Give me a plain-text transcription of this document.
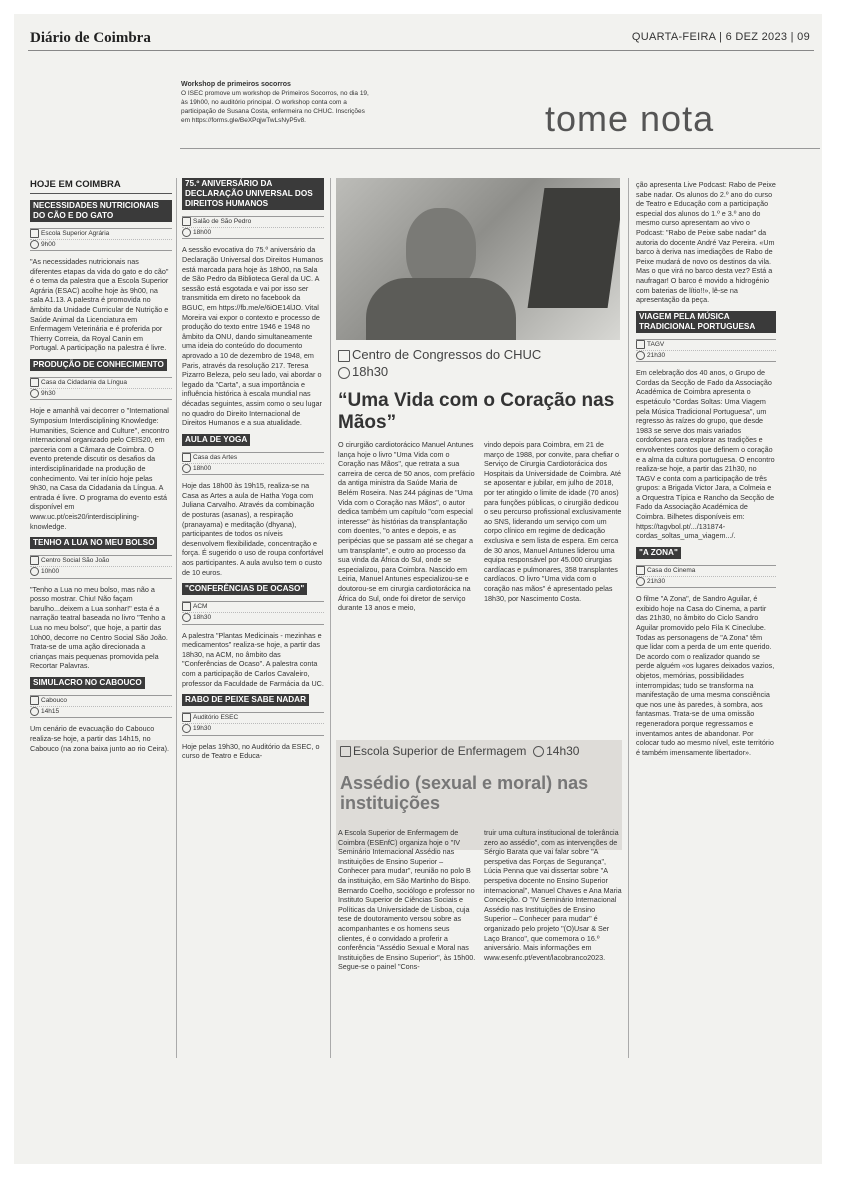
Diário de Coimbra	QUARTA-FEIRA | 6 DEZ 2023 | 09
Workshop de primeiros socorros
O ISEC promove um workshop de Primeiros Socorros, no dia 19, às 19h00, no auditório principal. O workshop conta com a participação de Susana Costa, enfermeira no CHUC. Inscrições em https://forms.gle/BeXPqjwTwLsNyP5v8.	tome nota
HOJE EM COIMBRA
NECESSIDADES NUTRICIONAIS DO CÃO E DO GATO
Escola Superior Agrária
9h00

"As necessidades nutricionais nas diferentes etapas da vida do gato e do cão" é o tema da palestra que a Escola Superior Agrária (ESAC) acolhe hoje às 9h00, na sala A1.13. A palestra é promovida no âmbito da Unidade Curricular de Nutrição e Saúde Animal da Licenciatura em Enfermagem Veterinária e é proferida por Thierry Correia, da Royal Canin em Portugal. A participação na palestra é livre.

PRODUÇÃO DE CONHECIMENTO
Casa da Cidadania da Língua
9h30

Hoje e amanhã vai decorrer o "International Symposium Interdisciplining Knowledge: Humanities, Science and Culture", encontro internacional organizado pelo CEIS20, em parceria com a Câmara de Coimbra. O evento pretende discutir os desafios da interdisciplinaridade na produção de conhecimento. Vai ter início hoje pelas 9h30, na Casa da Cidadania da Língua. A entrada é livre. O programa do evento está disponível em www.uc.pt/ceis20/interdisciplining-knowledge.

TENHO A LUA NO MEU BOLSO
Centro Social São João
10h00

"Tenho a Lua no meu bolso, mas não a posso mostrar. Chiu! Não façam barulho...deixem a Lua sonhar!" esta é a narração teatral baseada no livro "Tenho a Lua no meu bolso", que hoje, a partir das 10h00, decorre no Centro Social São João. Trata-se de uma ação direcionada a crianças mais pequenas promovida pela Recortar Palavras.

SIMULACRO NO CABOUCO
Cabouco
14h15

Um cenário de evacuação do Cabouco realiza-se hoje, a partir das 14h15, no Cabouco (na zona baixa junto ao rio Ceira).

75.º ANIVERSÁRIO DA DECLARAÇÃO UNIVERSAL DOS DIREITOS HUMANOS
Salão de São Pedro
18h00

A sessão evocativa do 75.º aniversário da Declaração Universal dos Direitos Humanos está marcada para hoje às 18h00, na Sala de São Pedro da Biblioteca Geral da UC. A sessão está esgotada e vai por isso ser transmitida em direto no facebook da BGUC, em https://fb.me/e/6iOE14lJO. Vital Moreira vai expor o contexto e processo de produção do texto entre 1946 e 1948 no âmbito da ONU, dando simultaneamente uma ideia do conteúdo do documento aprovado a 10 de dezembro de 1948, em Paris, através da resolução 217. Teresa Pizarro Beleza, pelo seu lado, vai abordar o legado da "Carta", a sua importância e influência histórica à escala mundial nas décadas seguintes, assim como o seu lugar no quadro do Direito Internacional de Direitos Humanos e a sua atualidade.

AULA DE YOGA
Casa das Artes
18h00

Hoje das 18h00 às 19h15, realiza-se na Casa as Artes a aula de Hatha Yoga com Juliana Carvalho. Através da combinação de posturas (asanas), a respiração (pranayama) e meditação (dhyana), participantes de todos os níveis desenvolvem flexibilidade, concentração e força. É sugerido o uso de roupa confortável aos participantes. A aula avulso tem o custo de 10 euros.

"CONFERÊNCIAS DE OCASO"
ACM
18h30

A palestra "Plantas Medicinais - mezinhas e medicamentos" realiza-se hoje, a partir das 18h30, na ACM, no âmbito das "Conferências de Ocaso". A palestra conta com a participação de Carlos Cavaleiro, professor da Faculdade de Farmácia da UC.

RABO DE PEIXE SABE NADAR
Auditório ESEC
19h30

Hoje pelas 19h30, no Auditório da ESEC, o curso de Teatro e Educa-

Centro de Congressos do CHUC
18h30
“Uma Vida com o Coração nas Mãos”
O cirurgião cardiotorácico Manuel Antunes lança hoje o livro "Uma Vida com o Coração nas Mãos", que retrata a sua carreira de cerca de 50 anos, com prefácio da antiga ministra da Saúde Maria de Belém Roseira. Nas 244 páginas de "Uma Vida com o Coração nas Mãos", o autor dedica também um capítulo "com especial interesse" às histórias da transplantação com doentes, "o antes e depois, e as peripécias que se passam até se chegar a um transplante", e outro ao processo da sua vinda da África do Sul, onde se especializou, para Coimbra. Nascido em Leiria, Manuel Antunes especializou-se e doutorou-se em cirurgia cardiotorácica na África do Sul, onde foi diretor de serviço durante 13 anos e meio,
vindo depois para Coimbra, em 21 de março de 1988, por convite, para chefiar o Serviço de Cirurgia Cardiotorácica dos Hospitais da Universidade de Coimbra. Até se aposentar e jubilar, em julho de 2018, por ter atingido o limite de idade (70 anos) para funções públicas, o cirurgião dedicou o seu percurso profissional exclusivamente ao SNS, liderando um serviço com um corpo clínico em regime de dedicação exclusiva e sem lista de espera. Em cerca de 30 anos, Manuel Antunes liderou uma equipa responsável por 45.000 cirurgias cardíacas e pulmonares, 358 transplantes cardíacos. O livro "Uma vida com o coração nas mãos" é apresentado pelas 18h30, por Nascimento Costa.
Escola Superior de Enfermagem 14h30
Assédio (sexual e moral) nas instituições
A Escola Superior de Enfermagem de Coimbra (ESEnfC) organiza hoje o "IV Seminário Internacional Assédio nas Instituições de Ensino Superior – Conhecer para mudar", reunião no polo B da instituição, em São Martinho do Bispo. Bernardo Coelho, sociólogo e professor no Instituto Superior de Ciências Sociais e Políticas da Universidade de Lisboa, cuja tese de doutoramento versou sobre as acompanhantes e os homens seus clientes, é o convidado a proferir a conferência "Assédio Sexual e Moral nas Instituições de Ensino Superior", às 15h00. Segue-se o painel "Cons-
truir uma cultura institucional de tolerância zero ao assédio", com as intervenções de Sérgio Barata que vai falar sobre "A perspetiva das Forças de Segurança", Lúcia Penna que vai dissertar sobre "A perspetiva docente no Ensino Superior internacional", Manuel Chaves e Ana Maria Conceição. O "IV Seminário Internacional Assédio nas Instituições de Ensino Superior – Conhecer para mudar" é organizado pelo projeto "(O)Usar & Ser Laço Branco", que comemora o 16.º aniversário. Mais informações em www.esenfc.pt/event/lacobranco2023.

ção apresenta Live Podcast: Rabo de Peixe sabe nadar. Os alunos do 2.º ano do curso de Teatro e Educação com a participação especial dos alunos do 1.º e 3.º ano do mesmo curso apresentam ao vivo o Podcast: "Rabo de Peixe sabe nadar" da autoria do docente André Vaz Pereira. «Um barco à deriva nas imediações de Rabo de Peixe mudará de novo os destinos da vila. Mas o que virá no barco desta vez? Está a naufragar! O barco é movido a hidrogénio com baterias de lítio!!», lê-se na apresentação da peça.

VIAGEM PELA MÚSICA TRADICIONAL PORTUGUESA
TAGV
21h30

Em celebração dos 40 anos, o Grupo de Cordas da Secção de Fado da Associação Académica de Coimbra apresenta o espetáculo "Cordas Soltas: Uma Viagem pela Música Tradicional Portuguesa", um regresso às raízes do grupo, que desde 1983 se serve dos mais variados cordofones para explorar as tradições e envolventes contos que definem o coração e a alma da cultura portuguesa. O encontro realiza-se hoje, a partir das 21h30, no TAGV e conta com a participação de três grupos: a Brigada Victor Jara, a Colmeia e a Orquestra Típica e Rancho da Secção de Fado da Associação Académica de Coimbra. Bilhetes disponíveis em: https://tagvbol.pt/.../131874-cordas_soltas_uma_viagem.../.

"A ZONA"
Casa do Cinema
21h30

O filme "A Zona", de Sandro Aguilar, é exibido hoje na Casa do Cinema, a partir das 21h30, no âmbito do Ciclo Sandro Aguilar promovido pelo Fila K Cineclube. Todas as personagens de "A Zona" têm que lidar com a perda de um ente querido. De acordo com o realizador quando se perde alguém «os lugares deixados vazios, objetos, memórias, possibilidades interrompidas; tudo se transforma na manifestação de uma mesma consciência que nos une às paredes, à sombra, aos fantasmas. Trata-se de uma omissão regeneradora porque regressamos e inventamos antes de abandonar. Por colocar tudo ao mesmo nível, este território é também imensamente libertador».
